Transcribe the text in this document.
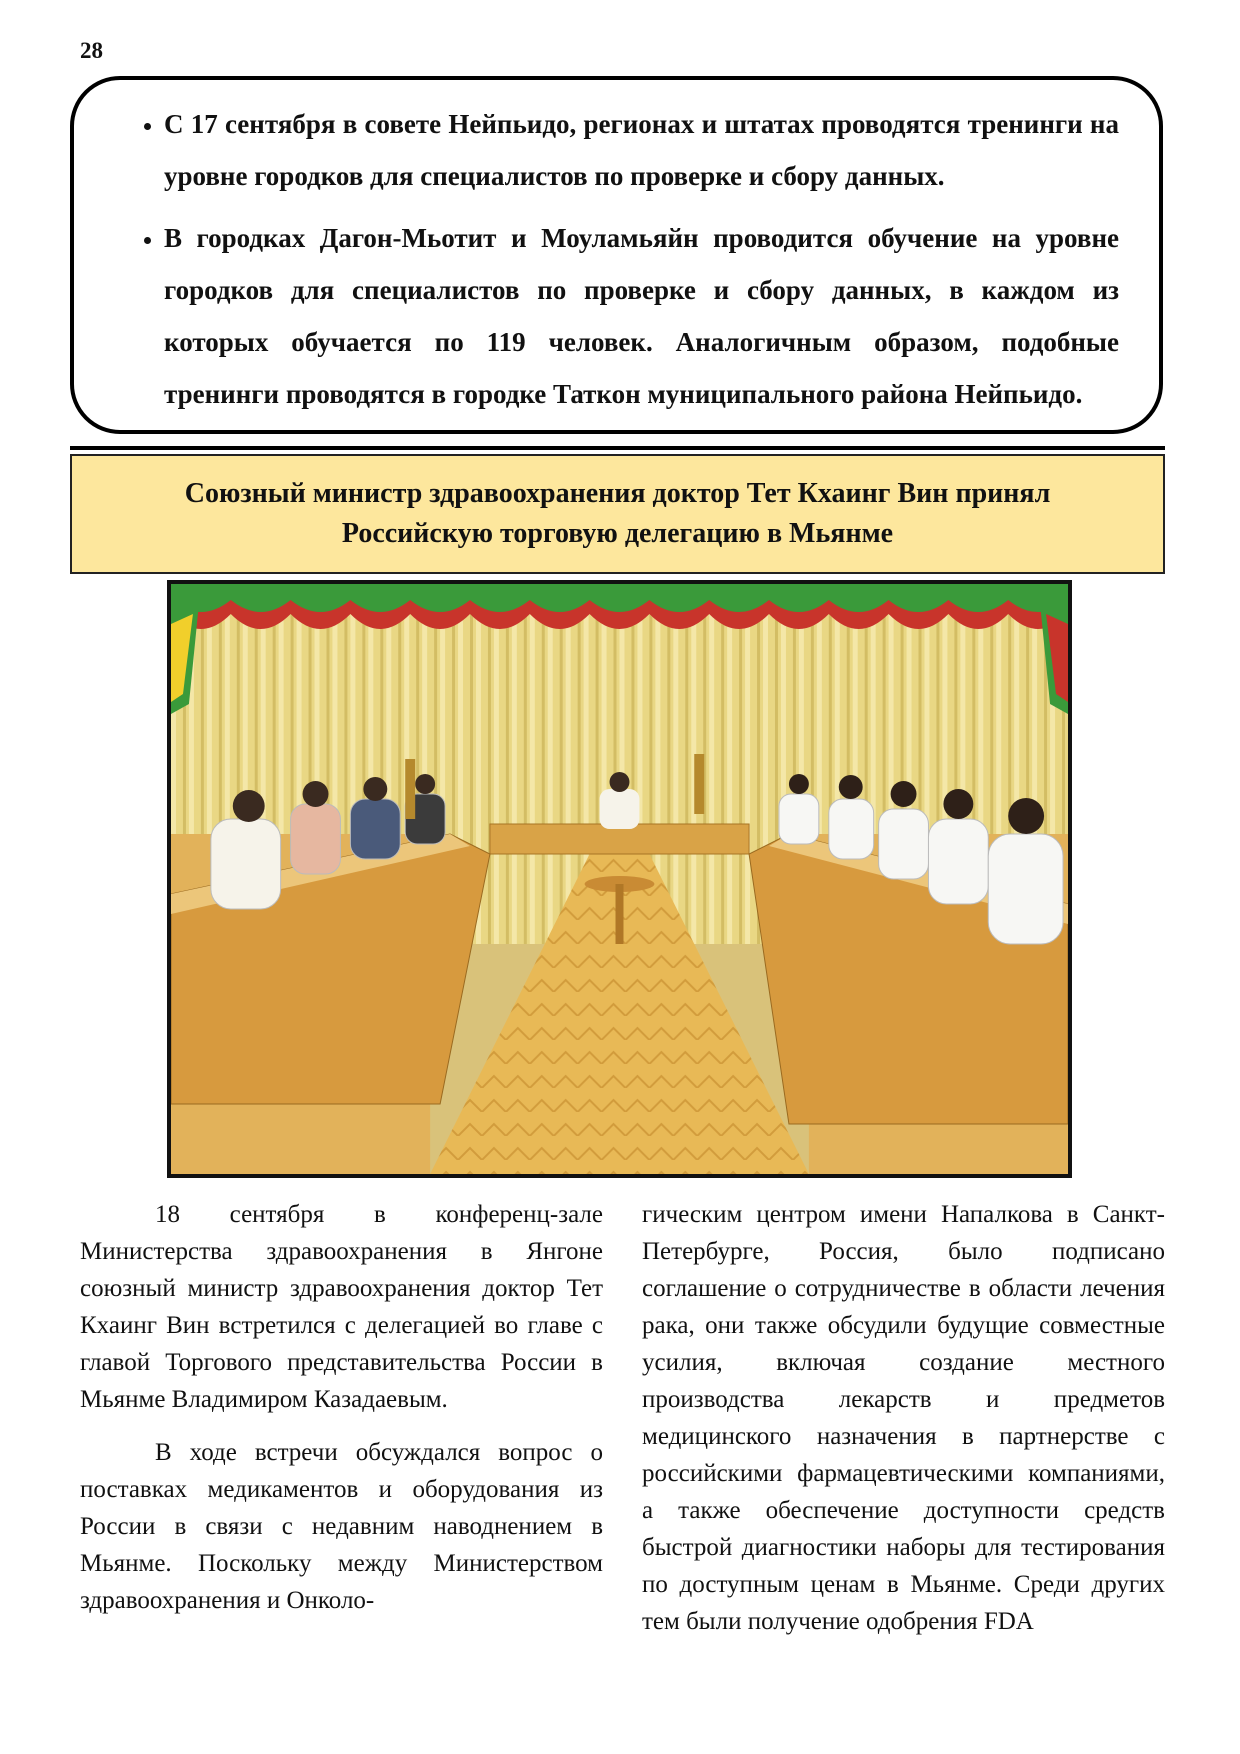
28
• С 17 сентября в совете Нейпьидо, регионах и штатах проводятся тренинги на уровне городков для специалистов по проверке и сбору данных.
• В городках Дагон-Мьотит и Моуламьяйн проводится обучение на уровне городков для специалистов по проверке и сбору данных, в каждом из которых обучается по 119 человек. Аналогичным образом, подобные тренинги проводятся в городке Таткон муниципального района Нейпьидо.
Союзный министр здравоохранения доктор Тет Кхаинг Вин принял
Российскую торговую делегацию в Мьянме

18 сентября в конференц-зале Министерства здравоохранения в Янгоне союзный министр здравоохранения доктор Тет Кхаинг Вин встретился с делегацией во главе с главой Торгового представительства России в Мьянме Владимиром Казадаевым.

В ходе встречи обсуждался вопрос о поставках медикаментов и оборудования из России в связи с недавним наводнением в Мьянме. Поскольку между Министерством здравоохранения и Онколо-

гическим центром имени Напалкова в Санкт-Петербурге, Россия, было подписано соглашение о сотрудничестве в области лечения рака, они также обсудили будущие совместные усилия, включая создание местного производства лекарств и предметов медицинского назначения в партнерстве с российскими фармацевтическими компаниями, а также обеспечение доступности средств быстрой диагностики наборы для тестирования по доступным ценам в Мьянме. Среди других тем были получение одобрения FDA
